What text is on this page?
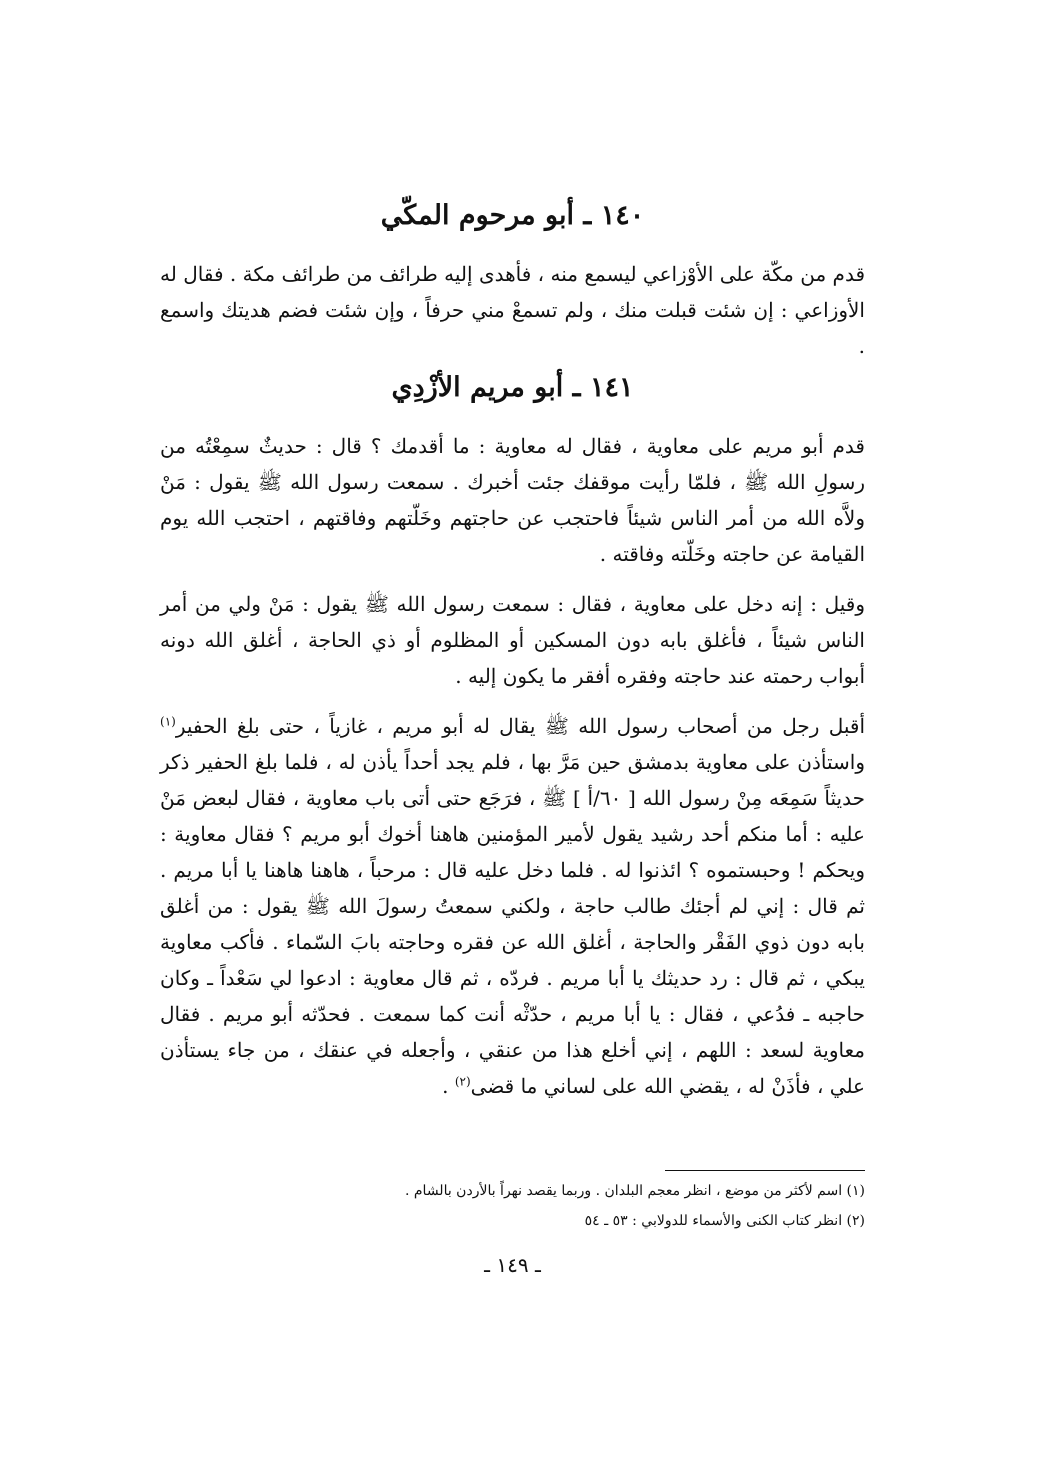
١٤٠ ـ أبو مرحوم المكّي

قدم من مكّة على الأوْزاعي ليسمع منه ، فأهدى إليه طرائف من طرائف مكة . فقال له الأوزاعي : إن شئت قبلت منك ، ولم تسمعْ مني حرفاً ، وإن شئت فضم هديتك واسمع .

١٤١ ـ أبو مريم الأزْدِي

قدم أبو مريم على معاوية ، فقال له معاوية : ما أقدمك ؟ قال : حديثٌ سمِعْتُه من رسولِ الله ﷺ ، فلمّا رأيت موقفك جئت أخبرك . سمعت رسول الله ﷺ يقول : مَنْ ولاَّه الله من أمر الناس شيئاً فاحتجب عن حاجتهم وخَلّتهم وفاقتهم ، احتجب الله يوم القيامة عن حاجته وخَلّته وفاقته .

وقيل : إنه دخل على معاوية ، فقال : سمعت رسول الله ﷺ يقول : مَنْ ولي من أمر الناس شيئاً ، فأغلق بابه دون المسكين أو المظلوم أو ذي الحاجة ، أغلق الله دونه أبواب رحمته عند حاجته وفقره أفقر ما يكون إليه .

أقبل رجل من أصحاب رسول الله ﷺ يقال له أبو مريم ، غازياً ، حتى بلغ الحفير$^{(١)}$ واستأذن على معاوية بدمشق حين مَرَّ بها ، فلم يجد أحداً يأذن له ، فلما بلغ الحفير ذكر حديثاً سَمِعَه مِنْ رسول الله [ ٦٠/أ ] ﷺ ، فرَجَع حتى أتى باب معاوية ، فقال لبعض مَنْ عليه : أما منكم أحد رشيد يقول لأمير المؤمنين هاهنا أخوك أبو مريم ؟ فقال معاوية : ويحكم ! وحبستموه ؟ ائذنوا له . فلما دخل عليه قال : مرحباً ، هاهنا هاهنا يا أبا مريم . ثم قال : إني لم أجئك طالب حاجة ، ولكني سمعتُ رسولَ الله ﷺ يقول : من أغلق بابه دون ذوي الفَقْر والحاجة ، أغلق الله عن فقره وحاجته بابَ السّماء . فأكب معاوية يبكي ، ثم قال : رد حديثك يا أبا مريم . فردّه ، ثم قال معاوية : ادعوا لي سَعْداً ـ وكان حاجبه ـ فدُعي ، فقال : يا أبا مريم ، حدّثْه أنت كما سمعت . فحدّثه أبو مريم . فقال معاوية لسعد : اللهم ، إني أخلع هذا من عنقي ، وأجعله في عنقك ، من جاء يستأذن علي ، فأذَنْ له ، يقضي الله على لساني ما قضى$^{(٢)}$ .

(١) اسم لأكثر من موضع ، انظر معجم البلدان . وربما يقصد نهراً بالأردن بالشام .

(٢) انظر كتاب الكنى والأسماء للدولابي : ٥٣ ـ ٥٤

ـ ١٤٩ ـ
